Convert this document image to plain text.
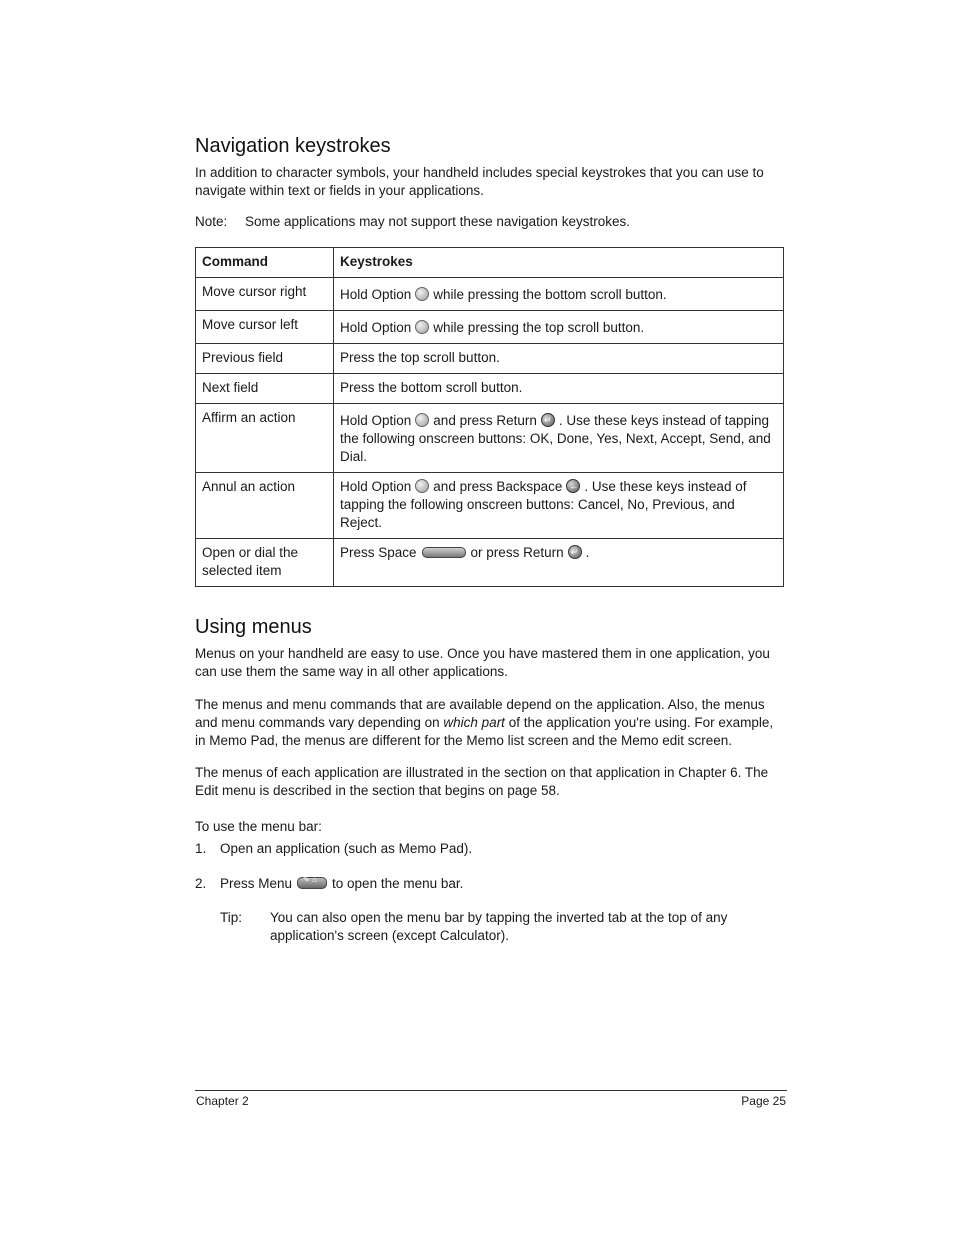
Navigation keystrokes

In addition to character symbols, your handheld includes special keystrokes that you can use to navigate within text or fields in your applications.

Note: Some applications may not support these navigation keystrokes.
Command	Keystrokes
Move cursor right	Hold Option while pressing the bottom scroll button.
Move cursor left	Hold Option while pressing the top scroll button.
Previous field	Press the top scroll button.
Next field	Press the bottom scroll button.
Affirm an action	Hold Option and press Return ↵ . Use these keys instead of tapping the following onscreen buttons: OK, Done, Yes, Next, Accept, Send, and Dial.
Annul an action	Hold Option and press Backspace ← . Use these keys instead of tapping the following onscreen buttons: Cancel, No, Previous, and Reject.
Open or dial the selected item	Press Space or press Return ↵ .
Using menus

Menus on your handheld are easy to use. Once you have mastered them in one application, you can use them the same way in all other applications.

The menus and menu commands that are available depend on the application. Also, the menus and menu commands vary depending on which part of the application you're using. For example, in Memo Pad, the menus are different for the Memo list screen and the Memo edit screen.

The menus of each application are illustrated in the section on that application in Chapter 6. The Edit menu is described in the section that begins on page 58.

To use the menu bar:
1. Open an application (such as Memo Pad).
2. Press Menu ✎ ⌂	to open the menu bar.
Tip: You can also open the menu bar by tapping the inverted tab at the top of any application's screen (except Calculator).
Chapter 2	Page 25
